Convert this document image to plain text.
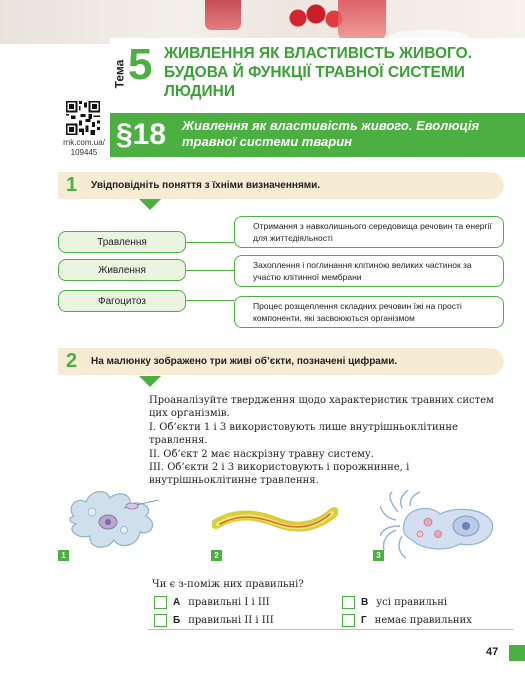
Тема 5 ЖИВЛЕННЯ ЯК ВЛАСТИВІСТЬ ЖИВОГО. БУДОВА Й ФУНКЦІЇ ТРАВНОЇ СИСТЕМИ ЛЮДИНИ
rnk.com.ua/ 109445
§18 Живлення як властивість живого. Еволюція травної системи тварин
1 Увідповідніть поняття з їхніми визначеннями.
Травлення
Живлення
Фагоцитоз
Отримання з навколишнього середовища речовин та енергії для життєдіяльності
Захоплення і поглинання клітиною великих частинок за участю клітинної мембрани
Процес розщеплення складних речовин їжі на прості компоненти, які засвоюються організмом
2 На малюнку зображено три живі об’єкти, позначені цифрами.

Проаналізуйте твердження щодо характеристик травних систем цих організмів.

І. Об’єкти 1 і 3 використовують лише внутрішньоклітинне травлення.

ІІ. Об’єкт 2 має наскрізну травну систему.

ІІІ. Об’єкти 2 і 3 використовують і порожнинне, і внутрішньоклітинне травлення.

1	2	3
Чи є з-поміж них правильні?
А правильні І і ІІІ	В усі правильні
Б правильні ІІ і ІІІ	Г немає правильних
47
